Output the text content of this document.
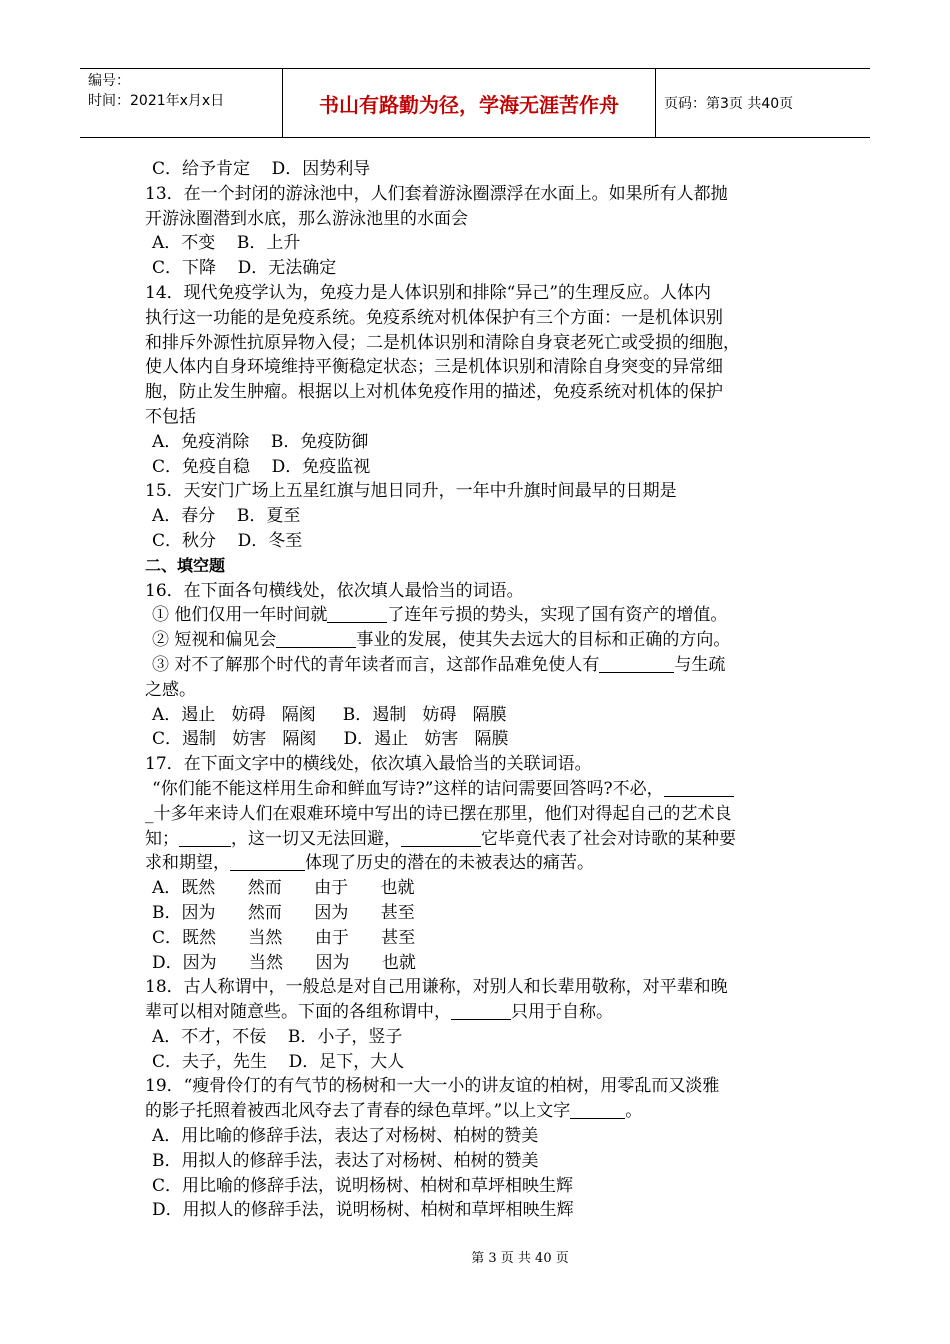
编号：
时间：2021年x月x日	书山有路勤为径，学海无涯苦作舟	页码：第3页 共40页
C．给予肯定    D．因势利导
13．在一个封闭的游泳池中，人们套着游泳圈漂浮在水面上。如果所有人都抛
开游泳圈潜到水底，那么游泳池里的水面会
A．不变    B．上升
C．下降    D．无法确定
14．现代免疫学认为，免疫力是人体识别和排除“异己”的生理反应。人体内
执行这一功能的是免疫系统。免疫系统对机体保护有三个方面：一是机体识别
和排斥外源性抗原异物入侵；二是机体识别和清除自身衰老死亡或受损的细胞，
使人体内自身环境维持平衡稳定状态；三是机体识别和清除自身突变的异常细
胞，防止发生肿瘤。根据以上对机体免疫作用的描述，免疫系统对机体的保护
不包括
A．免疫消除    B．免疫防御
C．免疫自稳    D．免疫监视
15．天安门广场上五星红旗与旭日同升，一年中升旗时间最早的日期是
A．春分    B．夏至
C．秋分    D．冬至
二、填空题
16．在下面各句横线处，依次填人最恰当的词语。
① 他们仅用一年时间就	了连年亏损的势头，实现了国有资产的增值。
② 短视和偏见会	事业的发展，使其失去远大的目标和正确的方向。
③ 对不了解那个时代的青年读者而言，这部作品难免使人有	与生疏
之感。
A．遏止   妨碍   隔阂     B．遏制   妨碍   隔膜
C．遏制   妨害   隔阂     D．遏止   妨害   隔膜
17．在下面文字中的横线处，依次填入最恰当的关联词语。
“你们能不能这样用生命和鲜血写诗?”这样的诘问需要回答吗?不必，
_十多年来诗人们在艰难环境中写出的诗已摆在那里，他们对得起自己的艺术良
知；	，这一切又无法回避，	它毕竟代表了社会对诗歌的某种要
求和期望，	体现了历史的潜在的未被表达的痛苦。
A．既然      然而      由于      也就
B．因为      然而      因为      甚至
C．既然      当然      由于      甚至
D．因为      当然      因为      也就
18．古人称谓中，一般总是对自己用谦称，对别人和长辈用敬称，对平辈和晚
辈可以相对随意些。下面的各组称谓中，	只用于自称。
A．不才，不佞    B．小子，竖子
C．夫子，先生    D．足下，大人
19．“瘦骨伶仃的有气节的杨树和一大一小的讲友谊的柏树，用零乱而又淡雅
的影子托照着被西北风夺去了青春的绿色草坪。”以上文字	。
A．用比喻的修辞手法，表达了对杨树、柏树的赞美
B．用拟人的修辞手法，表达了对杨树、柏树的赞美
C．用比喻的修辞手法，说明杨树、柏树和草坪相映生辉
D．用拟人的修辞手法，说明杨树、柏树和草坪相映生辉
第 3 页 共 40 页
